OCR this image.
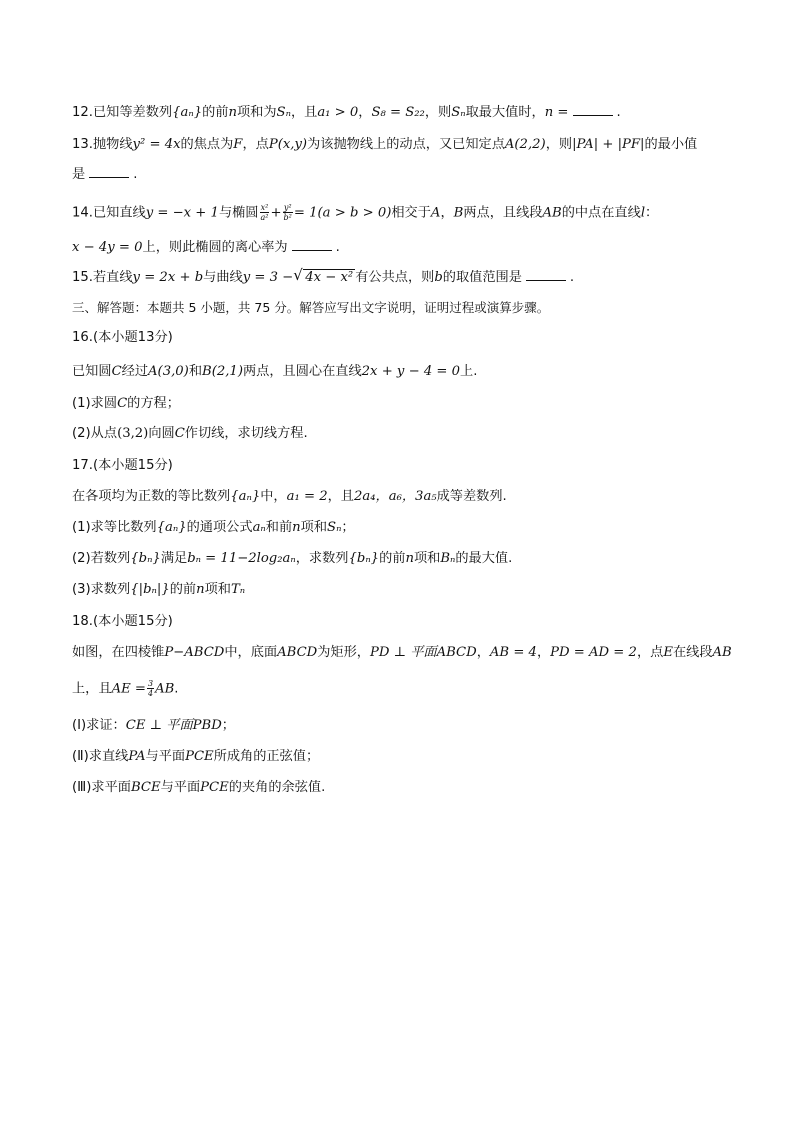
12.已知等差数列{aₙ}的前n项和为Sₙ，且a₁ > 0，S₈ = S₂₂，则Sₙ取最大值时，n =	.
13.抛物线y² = 4x的焦点为F，点P(x,y)为该抛物线上的动点，又已知定点A(2,2)，则|PA| + |PF|的最小值
是	.
14.已知直线y = −x + 1与椭圆 $\frac{\text{x²}}{\text{a²}} + \frac{\text{y²}}{\text{b²}} = 1(a > b > 0)$相交于A，B两点，且线段AB的中点在直线l：
x − 4y = 0上，则此椭圆的离心率为	.
15.若直线y = 2x + b与曲线y = 3 −√ 4x − x² 有公共点，则b的取值范围是	.
三、解答题：本题共 5 小题，共 75 分。解答应写出文字说明，证明过程或演算步骤。
16.(本小题13分)
已知圆C经过A(3,0)和B(2,1)两点，且圆心在直线2x + y − 4 = 0上.
(1)求圆C的方程；
(2)从点(3,2)向圆C作切线，求切线方程.
17.(本小题15分)
在各项均为正数的等比数列{aₙ}中，a₁ = 2，且2a₄，a₆，3a₅成等差数列.
(1)求等比数列{aₙ}的通项公式aₙ和前n项和Sₙ；
(2)若数列{bₙ}满足bₙ = 11−2log₂aₙ，求数列{bₙ}的前n项和Bₙ的最大值.
(3)求数列{|bₙ|}的前n项和Tₙ
18.(本小题15分)
如图，在四棱锥P−ABCD中，底面ABCD为矩形，PD ⊥ 平面ABCD，AB = 4，PD = AD = 2，点E在线段AB
上，且AE = $\frac{3}{4}$ AB.
(Ⅰ)求证：CE ⊥ 平面PBD；
(Ⅱ)求直线PA与平面PCE所成角的正弦值；
(Ⅲ)求平面BCE与平面PCE的夹角的余弦值.
